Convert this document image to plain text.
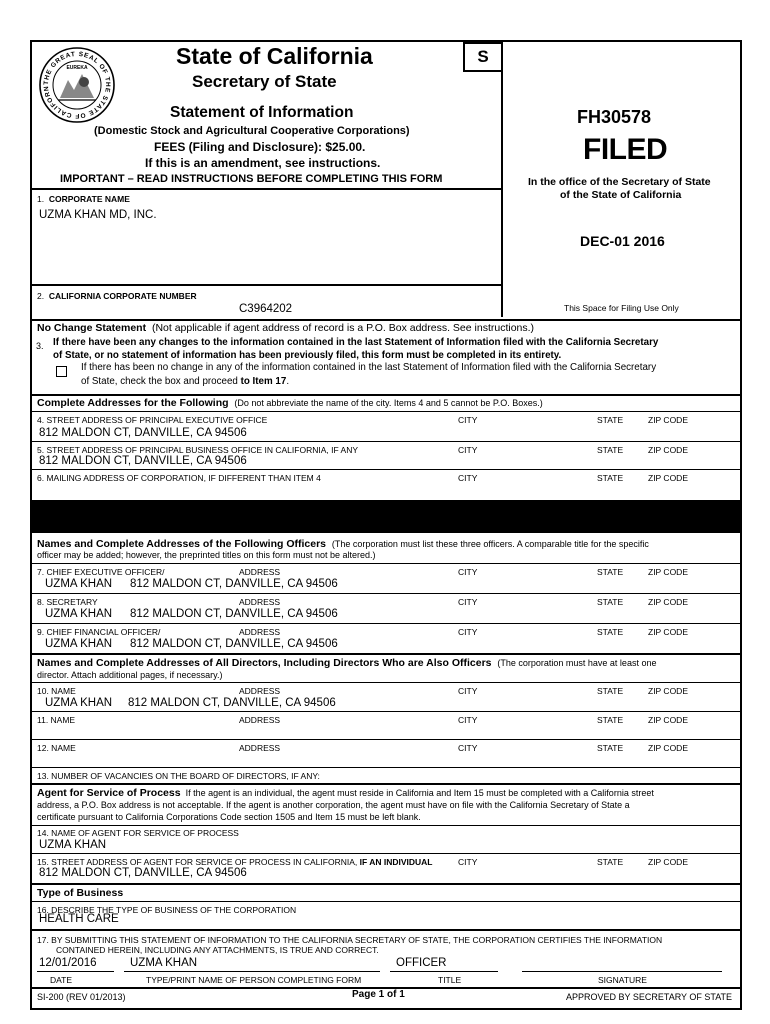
THE GREAT SEAL OF THE STATE OF CALIFORN
EUREKA	State of California
Secretary of State
S
Statement of Information
(Domestic Stock and Agricultural Cooperative Corporations)
FEES (Filing and Disclosure): $25.00.
If this is an amendment, see instructions.
IMPORTANT – READ INSTRUCTIONS BEFORE COMPLETING THIS FORM
FH30578
FILED
In the office of the Secretary of State
of the State of California
DEC-01 2016
This Space for Filing Use Only
1. CORPORATE NAME
UZMA KHAN MD, INC.
2. CALIFORNIA CORPORATE NUMBER
C3964202
No Change Statement (Not applicable if agent address of record is a P.O. Box address. See instructions.)
3. If there have been any changes to the information contained in the last Statement of Information filed with the California Secretary
of State, or no statement of information has been previously filed, this form must be completed in its entirety.
If there has been no change in any of the information contained in the last Statement of Information filed with the California Secretary
of State, check the box and proceed to Item 17.
Complete Addresses for the Following (Do not abbreviate the name of the city. Items 4 and 5 cannot be P.O. Boxes.)
4. STREET ADDRESS OF PRINCIPAL EXECUTIVE OFFICE	CITY	STATE	ZIP CODE
812 MALDON CT, DANVILLE, CA 94506
5. STREET ADDRESS OF PRINCIPAL BUSINESS OFFICE IN CALIFORNIA, IF ANY	CITY	STATE	ZIP CODE
812 MALDON CT, DANVILLE, CA 94506
6. MAILING ADDRESS OF CORPORATION, IF DIFFERENT THAN ITEM 4	CITY	STATE	ZIP CODE
Names and Complete Addresses of the Following Officers (The corporation must list these three officers. A comparable title for the specific
officer may be added; however, the preprinted titles on this form must not be altered.)
7. CHIEF EXECUTIVE OFFICER/	ADDRESS	CITY	STATE	ZIP CODE
UZMA KHAN 812 MALDON CT, DANVILLE, CA 94506
8. SECRETARY	ADDRESS	CITY	STATE	ZIP CODE
UZMA KHAN 812 MALDON CT, DANVILLE, CA 94506
9. CHIEF FINANCIAL OFFICER/	ADDRESS	CITY	STATE	ZIP CODE
UZMA KHAN 812 MALDON CT, DANVILLE, CA 94506
Names and Complete Addresses of All Directors, Including Directors Who are Also Officers (The corporation must have at least one
director. Attach additional pages, if necessary.)
10. NAME	ADDRESS	CITY	STATE	ZIP CODE
UZMA KHAN 812 MALDON CT, DANVILLE, CA 94506
11. NAME	ADDRESS	CITY	STATE	ZIP CODE
12. NAME	ADDRESS	CITY	STATE	ZIP CODE
13. NUMBER OF VACANCIES ON THE BOARD OF DIRECTORS, IF ANY:
Agent for Service of Process If the agent is an individual, the agent must reside in California and Item 15 must be completed with a California street
address, a P.O. Box address is not acceptable. If the agent is another corporation, the agent must have on file with the California Secretary of State a
certificate pursuant to California Corporations Code section 1505 and Item 15 must be left blank.
14. NAME OF AGENT FOR SERVICE OF PROCESS
UZMA KHAN
15. STREET ADDRESS OF AGENT FOR SERVICE OF PROCESS IN CALIFORNIA, IF AN INDIVIDUAL	CITY	STATE	ZIP CODE
812 MALDON CT, DANVILLE, CA 94506
Type of Business
16. DESCRIBE THE TYPE OF BUSINESS OF THE CORPORATION
HEALTH CARE
17. BY SUBMITTING THIS STATEMENT OF INFORMATION TO THE CALIFORNIA SECRETARY OF STATE, THE CORPORATION CERTIFIES THE INFORMATION
CONTAINED HEREIN, INCLUDING ANY ATTACHMENTS, IS TRUE AND CORRECT.
12/01/2016	UZMA KHAN	OFFICER
DATE	TYPE/PRINT NAME OF PERSON COMPLETING FORM	TITLE	SIGNATURE
SI-200 (REV 01/2013)	Page 1 of 1	APPROVED BY SECRETARY OF STATE
